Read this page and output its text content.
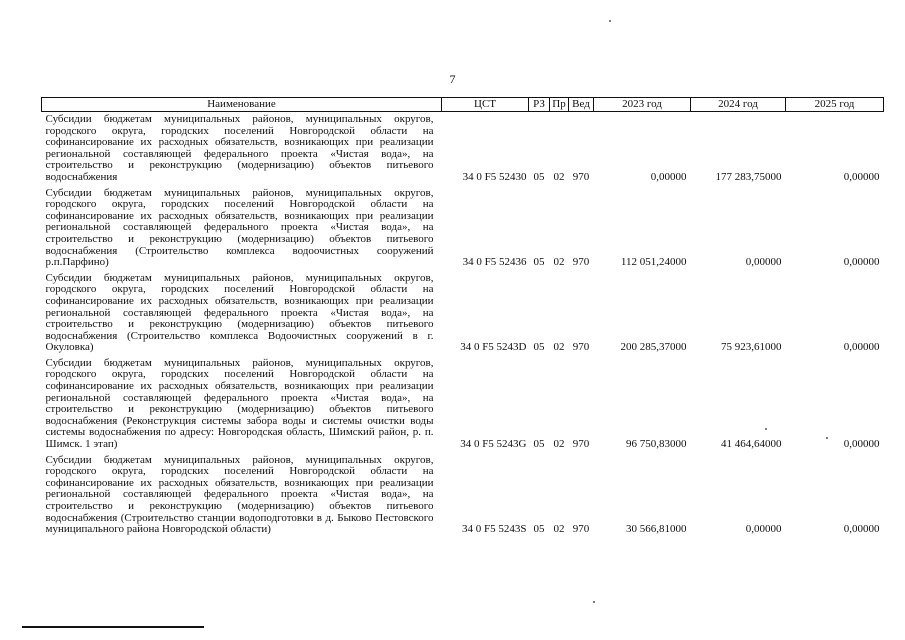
7
Наименование	ЦСТ	РЗ	Пр	Вед	2023 год	2024 год	2025 год
Субсидии бюджетам муниципальных районов, муниципальных округов, городского округа, городских поселений Новгородской области на софинансирование их расходных обязательств, возникающих при реализации региональной составляющей федерального проекта «Чистая вода», на строительство и реконструкцию (модернизацию) объектов питьевого водоснабжения	34 0 F5 52430	05	02	970	0,00000	177 283,75000	0,00000
Субсидии бюджетам муниципальных районов, муниципальных округов, городского округа, городских поселений Новгородской области на софинансирование их расходных обязательств, возникающих при реализации региональной составляющей федерального проекта «Чистая вода», на строительство и реконструкцию (модернизацию) объектов питьевого водоснабжения (Строительство комплекса водоочистных сооружений р.п.Парфино)	34 0 F5 52436	05	02	970	112 051,24000	0,00000	0,00000
Субсидии бюджетам муниципальных районов, муниципальных округов, городского округа, городских поселений Новгородской области на софинансирование их расходных обязательств, возникающих при реализации региональной составляющей федерального проекта «Чистая вода», на строительство и реконструкцию (модернизацию) объектов питьевого водоснабжения (Строительство комплекса Водоочистных сооружений в г. Окуловка)	34 0 F5 5243D	05	02	970	200 285,37000	75 923,61000	0,00000
Субсидии бюджетам муниципальных районов, муниципальных округов, городского округа, городских поселений Новгородской области на софинансирование их расходных обязательств, возникающих при реализации региональной составляющей федерального проекта «Чистая вода», на строительство и реконструкцию (модернизацию) объектов питьевого водоснабжения (Реконструкция системы забора воды и системы очистки воды системы водоснабжения по адресу: Новгородская область, Шимский район, р. п. Шимск. 1 этап)	34 0 F5 5243G	05	02	970	96 750,83000	41 464,64000	0,00000
Субсидии бюджетам муниципальных районов, муниципальных округов, городского округа, городских поселений Новгородской области на софинансирование их расходных обязательств, возникающих при реализации региональной составляющей федерального проекта «Чистая вода», на строительство и реконструкцию (модернизацию) объектов питьевого водоснабжения (Строительство станции водоподготовки в д. Быково Пестовского муниципального района Новгородской области)	34 0 F5 5243S	05	02	970	30 566,81000	0,00000	0,00000
